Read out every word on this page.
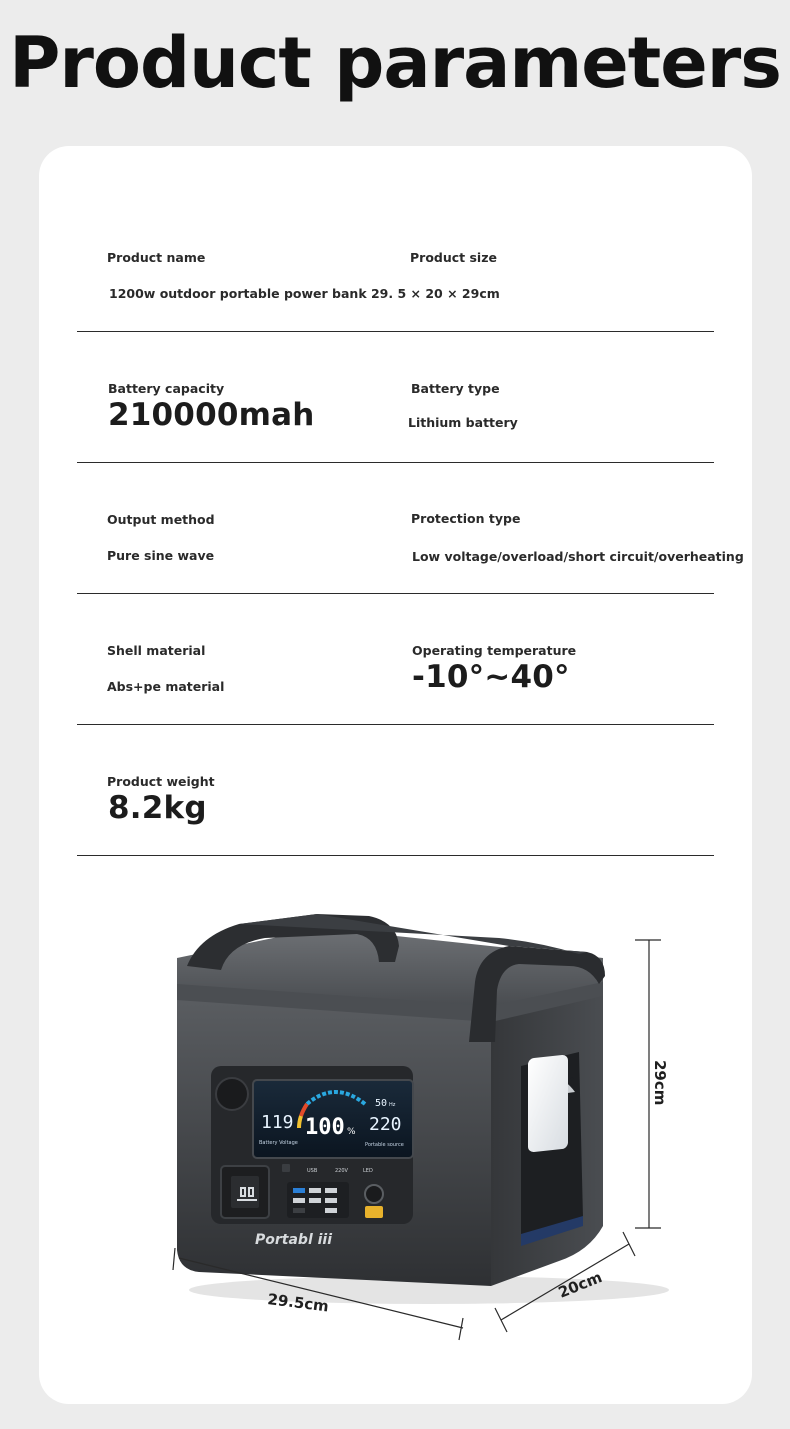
Product parameters
Product name
1200w outdoor portable power bank 29. 5 × 20 × 29cm
Product size
Battery capacity
210000mah
Battery type
Lithium battery
Output method
Pure sine wave
Protection type
Low voltage/overload/short circuit/overheating
Shell material
Abs+pe material
Operating temperature
-10°~40°
Product weight
8.2kg
119
Battery Voltage
100 %
50 Hz
220
Portable source
USB	220V	LED
Portabl iii
29cm
29.5cm
20cm
